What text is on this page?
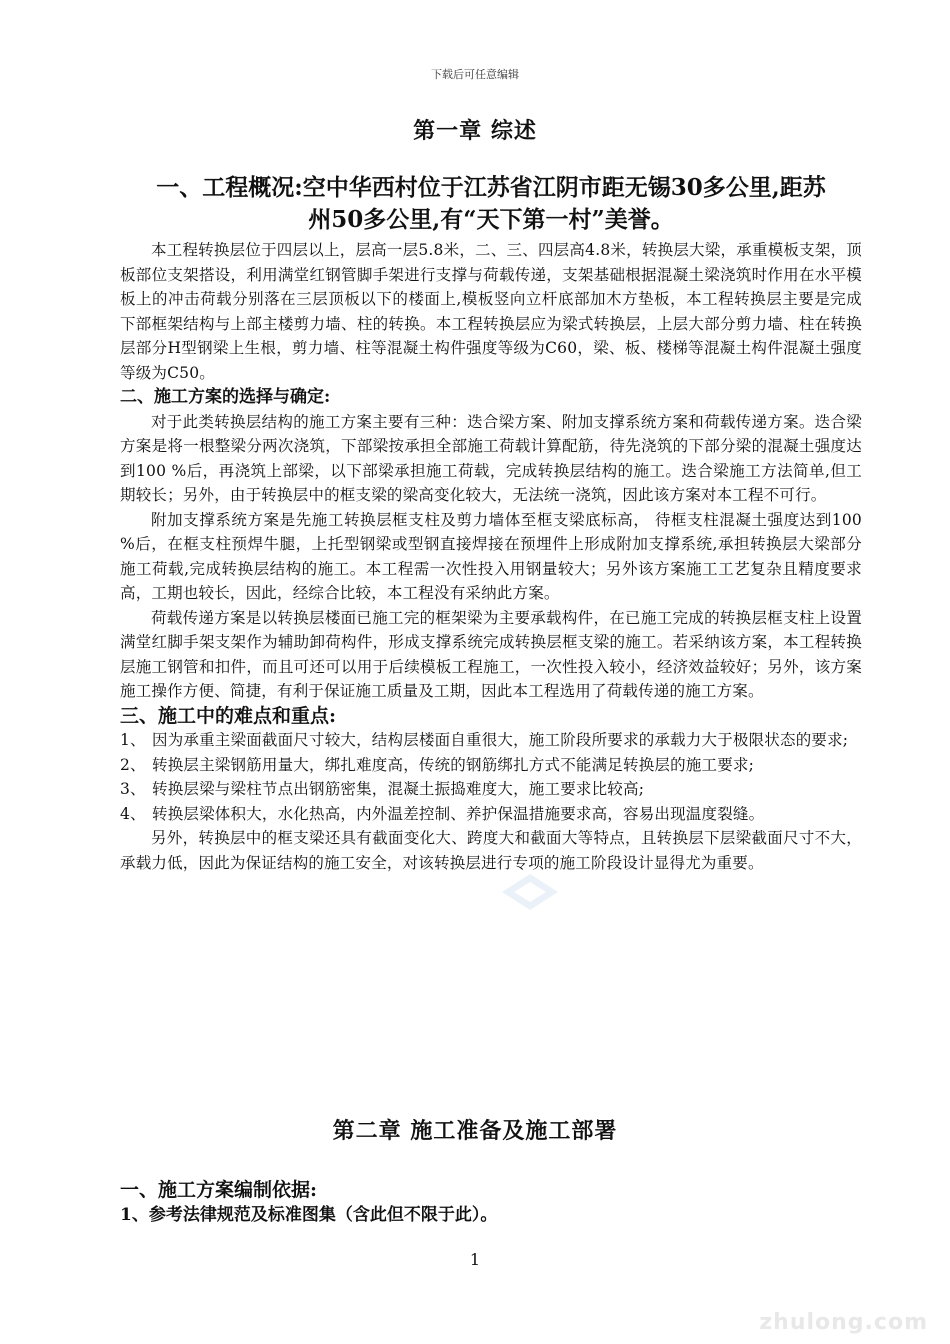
下载后可任意编辑
第一章 综述

一、工程概况:空中华西村位于江苏省江阴市距无锡30多公里,距苏

州50多公里,有“天下第一村”美誉。

本工程转换层位于四层以上，层高一层5.8米，二、三、四层高4.8米，转换层大梁，承重模板支架，顶板部位支架搭设，利用满堂红钢管脚手架进行支撑与荷载传递，支架基础根据混凝土梁浇筑时作用在水平模板上的冲击荷载分别落在三层顶板以下的楼面上,模板竖向立杆底部加木方垫板，本工程转换层主要是完成下部框架结构与上部主楼剪力墙、柱的转换。本工程转换层应为梁式转换层，上层大部分剪力墙、柱在转换层部分H型钢梁上生根，剪力墙、柱等混凝土构件强度等级为C60，梁、板、楼梯等混凝土构件混凝土强度等级为C50。

二、施工方案的选择与确定:

对于此类转换层结构的施工方案主要有三种：迭合梁方案、附加支撑系统方案和荷载传递方案。迭合梁方案是将一根整梁分两次浇筑，下部梁按承担全部施工荷载计算配筋，待先浇筑的下部分梁的混凝土强度达到100 %后，再浇筑上部梁，以下部梁承担施工荷载，完成转换层结构的施工。迭合梁施工方法简单,但工期较长；另外，由于转换层中的框支梁的梁高变化较大，无法统一浇筑，因此该方案对本工程不可行。

附加支撑系统方案是先施工转换层框支柱及剪力墙体至框支梁底标高， 待框支柱混凝土强度达到100 %后，在框支柱预焊牛腿，上托型钢梁或型钢直接焊接在预埋件上形成附加支撑系统,承担转换层大梁部分施工荷载,完成转换层结构的施工。本工程需一次性投入用钢量较大；另外该方案施工工艺复杂且精度要求高，工期也较长，因此，经综合比较，本工程没有采纳此方案。

荷载传递方案是以转换层楼面已施工完的框架梁为主要承载构件，在已施工完成的转换层框支柱上设置满堂红脚手架支架作为辅助卸荷构件，形成支撑系统完成转换层框支梁的施工。若采纳该方案，本工程转换层施工钢管和扣件，而且可还可以用于后续模板工程施工，一次性投入较小，经济效益较好；另外，该方案施工操作方便、简捷，有利于保证施工质量及工期，因此本工程选用了荷载传递的施工方案。

三、施工中的难点和重点:

1、 因为承重主梁面截面尺寸较大，结构层楼面自重很大，施工阶段所要求的承载力大于极限状态的要求;
2、 转换层主梁钢筋用量大，绑扎难度高，传统的钢筋绑扎方式不能满足转换层的施工要求;
3、 转换层梁与梁柱节点出钢筋密集，混凝土振捣难度大，施工要求比较高;
4、 转换层梁体积大，水化热高，内外温差控制、养护保温措施要求高，容易出现温度裂缝。

另外，转换层中的框支梁还具有截面变化大、跨度大和截面大等特点，且转换层下层梁截面尺寸不大，承载力低，因此为保证结构的施工安全，对该转换层进行专项的施工阶段设计显得尤为重要。

第二章 施工准备及施工部署

一、施工方案编制依据:

1、参考法律规范及标准图集（含此但不限于此）。

1
zhulong.com
